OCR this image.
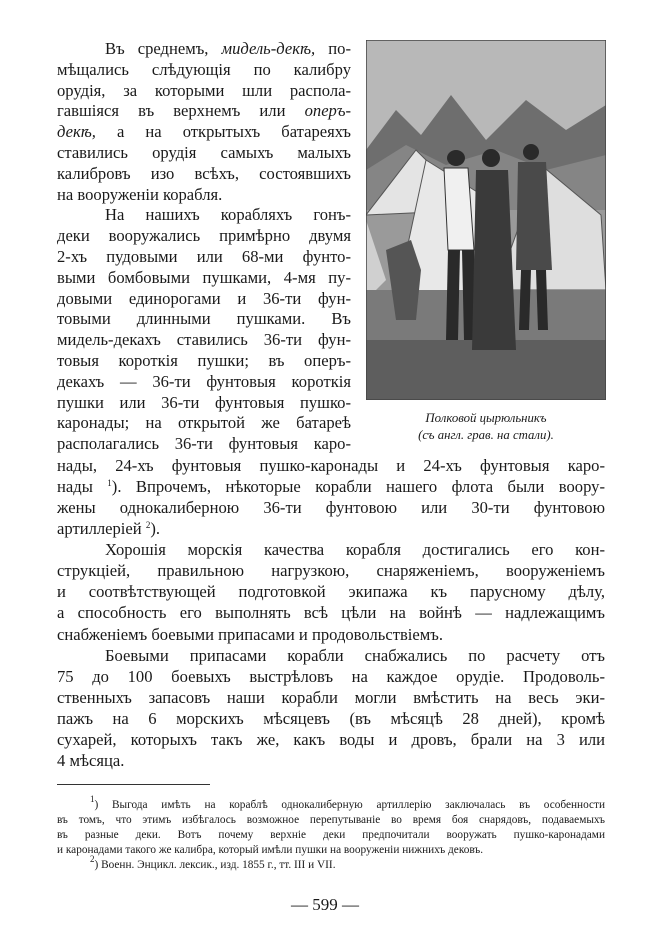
Въ среднемъ, мидель-декѣ, по-
мѣщались слѣдующія по калибру
орудія, за которыми шли распола-
гавшіяся въ верхнемъ или оперъ-
декѣ, а на открытыхъ батареяхъ
ставились орудія самыхъ малыхъ
калибровъ изо всѣхъ, состоявшихъ
на вооруженіи корабля.
На нашихъ корабляхъ гонъ-
деки вооружались примѣрно двумя
2-хъ пудовыми или 68-ми фунто-
выми бомбовыми пушками, 4-мя пу-
довыми единорогами и 36-ти фун-
товыми длинными пушками. Въ
мидель-декахъ ставились 36-ти фун-
товыя короткія пушки; въ оперъ-
декахъ — 36-ти фунтовыя короткія
пушки или 36-ти фунтовыя пушко-
каронады; на открытой же батареѣ
располагались 36-ти фунтовыя каро-
нады, 24-хъ фунтовыя пушко-каронады и 24-хъ фунтовыя каро-
нады $^1$). Впрочемъ, нѣкоторые корабли нашего флота были воору-
жены однокалиберною 36-ти фунтовою или 30-ти фунтовою
артиллеріей $^2$).
Хорошія морскія качества корабля достигались его кон-
струкціей, правильною нагрузкою, снаряженіемъ, вооруженіемъ
и соотвѣтствующей подготовкой экипажа къ парусному дѣлу,
а способность его выполнять всѣ цѣли на войнѣ — надлежащимъ
снабженіемъ боевыми припасами и продовольствіемъ.
Боевыми припасами корабли снабжались по расчету отъ
75 до 100 боевыхъ выстрѣловъ на каждое орудіе. Продоволь-
ственныхъ запасовъ наши корабли могли вмѣстить на весь эки-
пажъ на 6 морскихъ мѣсяцевъ (въ мѣсяцѣ 28 дней), кромѣ
сухарей, которыхъ такъ же, какъ воды и дровъ, брали на 3 или
4 мѣсяца.
Полковой цырюльникъ
(съ англ. грав. на стали).
$^1$) Выгода имѣть на кораблѣ однокалиберную артиллерію заключалась въ особенности
въ томъ, что этимъ избѣгалось возможное перепутываніе во время боя снарядовъ, подаваемыхъ
въ разные деки. Вотъ почему верхніе деки предпочитали вооружать пушко-каронадами
и каронадами такого же калибра, который имѣли пушки на вооруженіи нижнихъ дековъ.
$^2$) Военн. Энцикл. лексик., изд. 1855 г., тт. III и VII.
— 599 —
